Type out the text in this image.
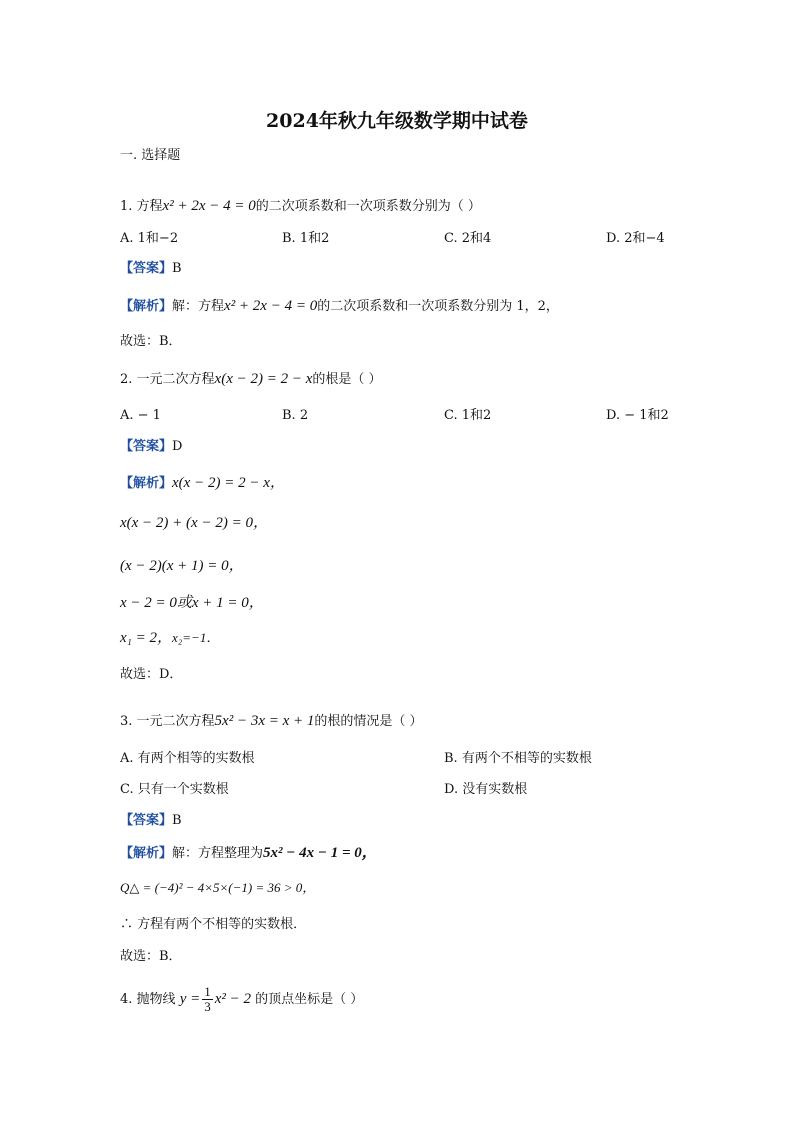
2024年秋九年级数学期中试卷
一. 选择题
1. 方程x² + 2x − 4 = 0的二次项系数和一次项系数分别为（ ）
A. 1和−2	B. 1和2	C. 2和4	D. 2和−4
【答案】B
【解析】解：方程x² + 2x − 4 = 0的二次项系数和一次项系数分别为 1，2，
故选：B．
2. 一元二次方程x(x − 2) = 2 − x的根是（ ）
A. − 1	B. 2	C. 1和2	D. − 1和2
【答案】D
【解析】x(x − 2) = 2 − x，
x(x − 2) + (x − 2) = 0，
(x − 2)(x + 1) = 0，
x − 2 = 0或x + 1 = 0，
x₁ = 2，x₂=−1．
故选：D．
3. 一元二次方程5x² − 3x = x + 1的根的情况是（ ）
A. 有两个相等的实数根	B. 有两个不相等的实数根
C. 只有一个实数根	D. 没有实数根
【答案】B
【解析】解：方程整理为5x² − 4x − 1 = 0，
Q△ = (−4)² − 4×5×(−1) = 36 > 0，
∴ 方程有两个不相等的实数根．
故选：B．
4. 抛物线 $y = \frac{1}{3} x^2 - 2$ 的顶点坐标是（ ）
